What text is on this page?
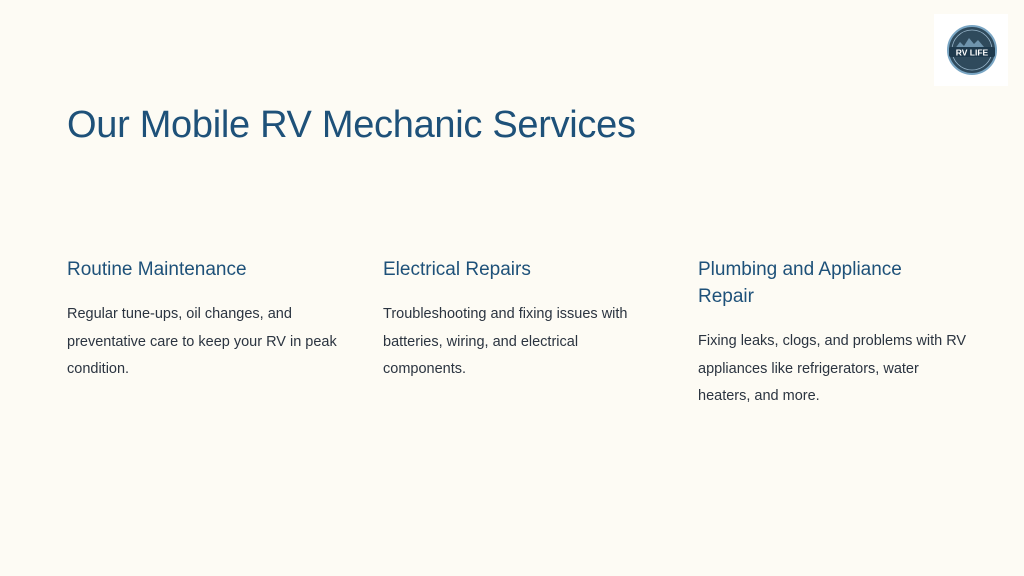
Our Mobile RV Mechanic Services
RV LIFE
Routine Maintenance

Regular tune-ups, oil changes, and preventative care to keep your RV in peak condition.

Electrical Repairs

Troubleshooting and fixing issues with batteries, wiring, and electrical components.

Plumbing and Appliance Repair

Fixing leaks, clogs, and problems with RV appliances like refrigerators, water heaters, and more.
